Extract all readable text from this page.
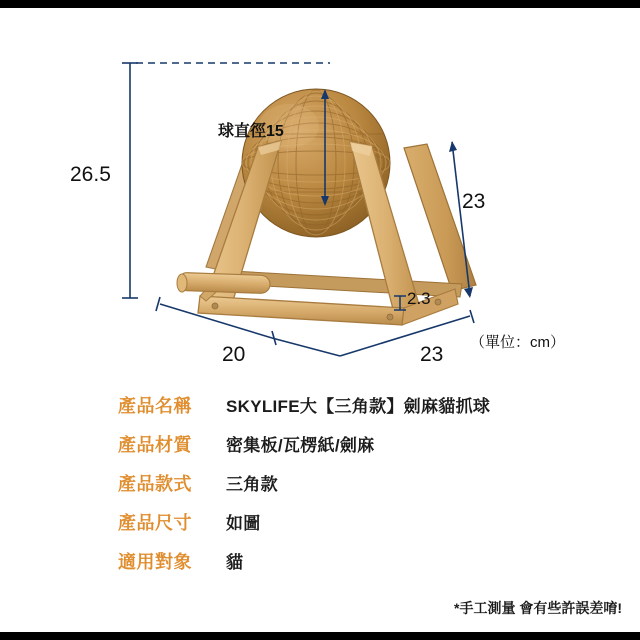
26.5
球直徑15
23
23
20
2.3
（單位：cm）
產品名稱	SKYLIFE大【三角款】劍麻貓抓球
產品材質	密集板/瓦楞紙/劍麻
產品款式	三角款
產品尺寸	如圖
適用對象	貓
*手工測量 會有些許誤差唷!
